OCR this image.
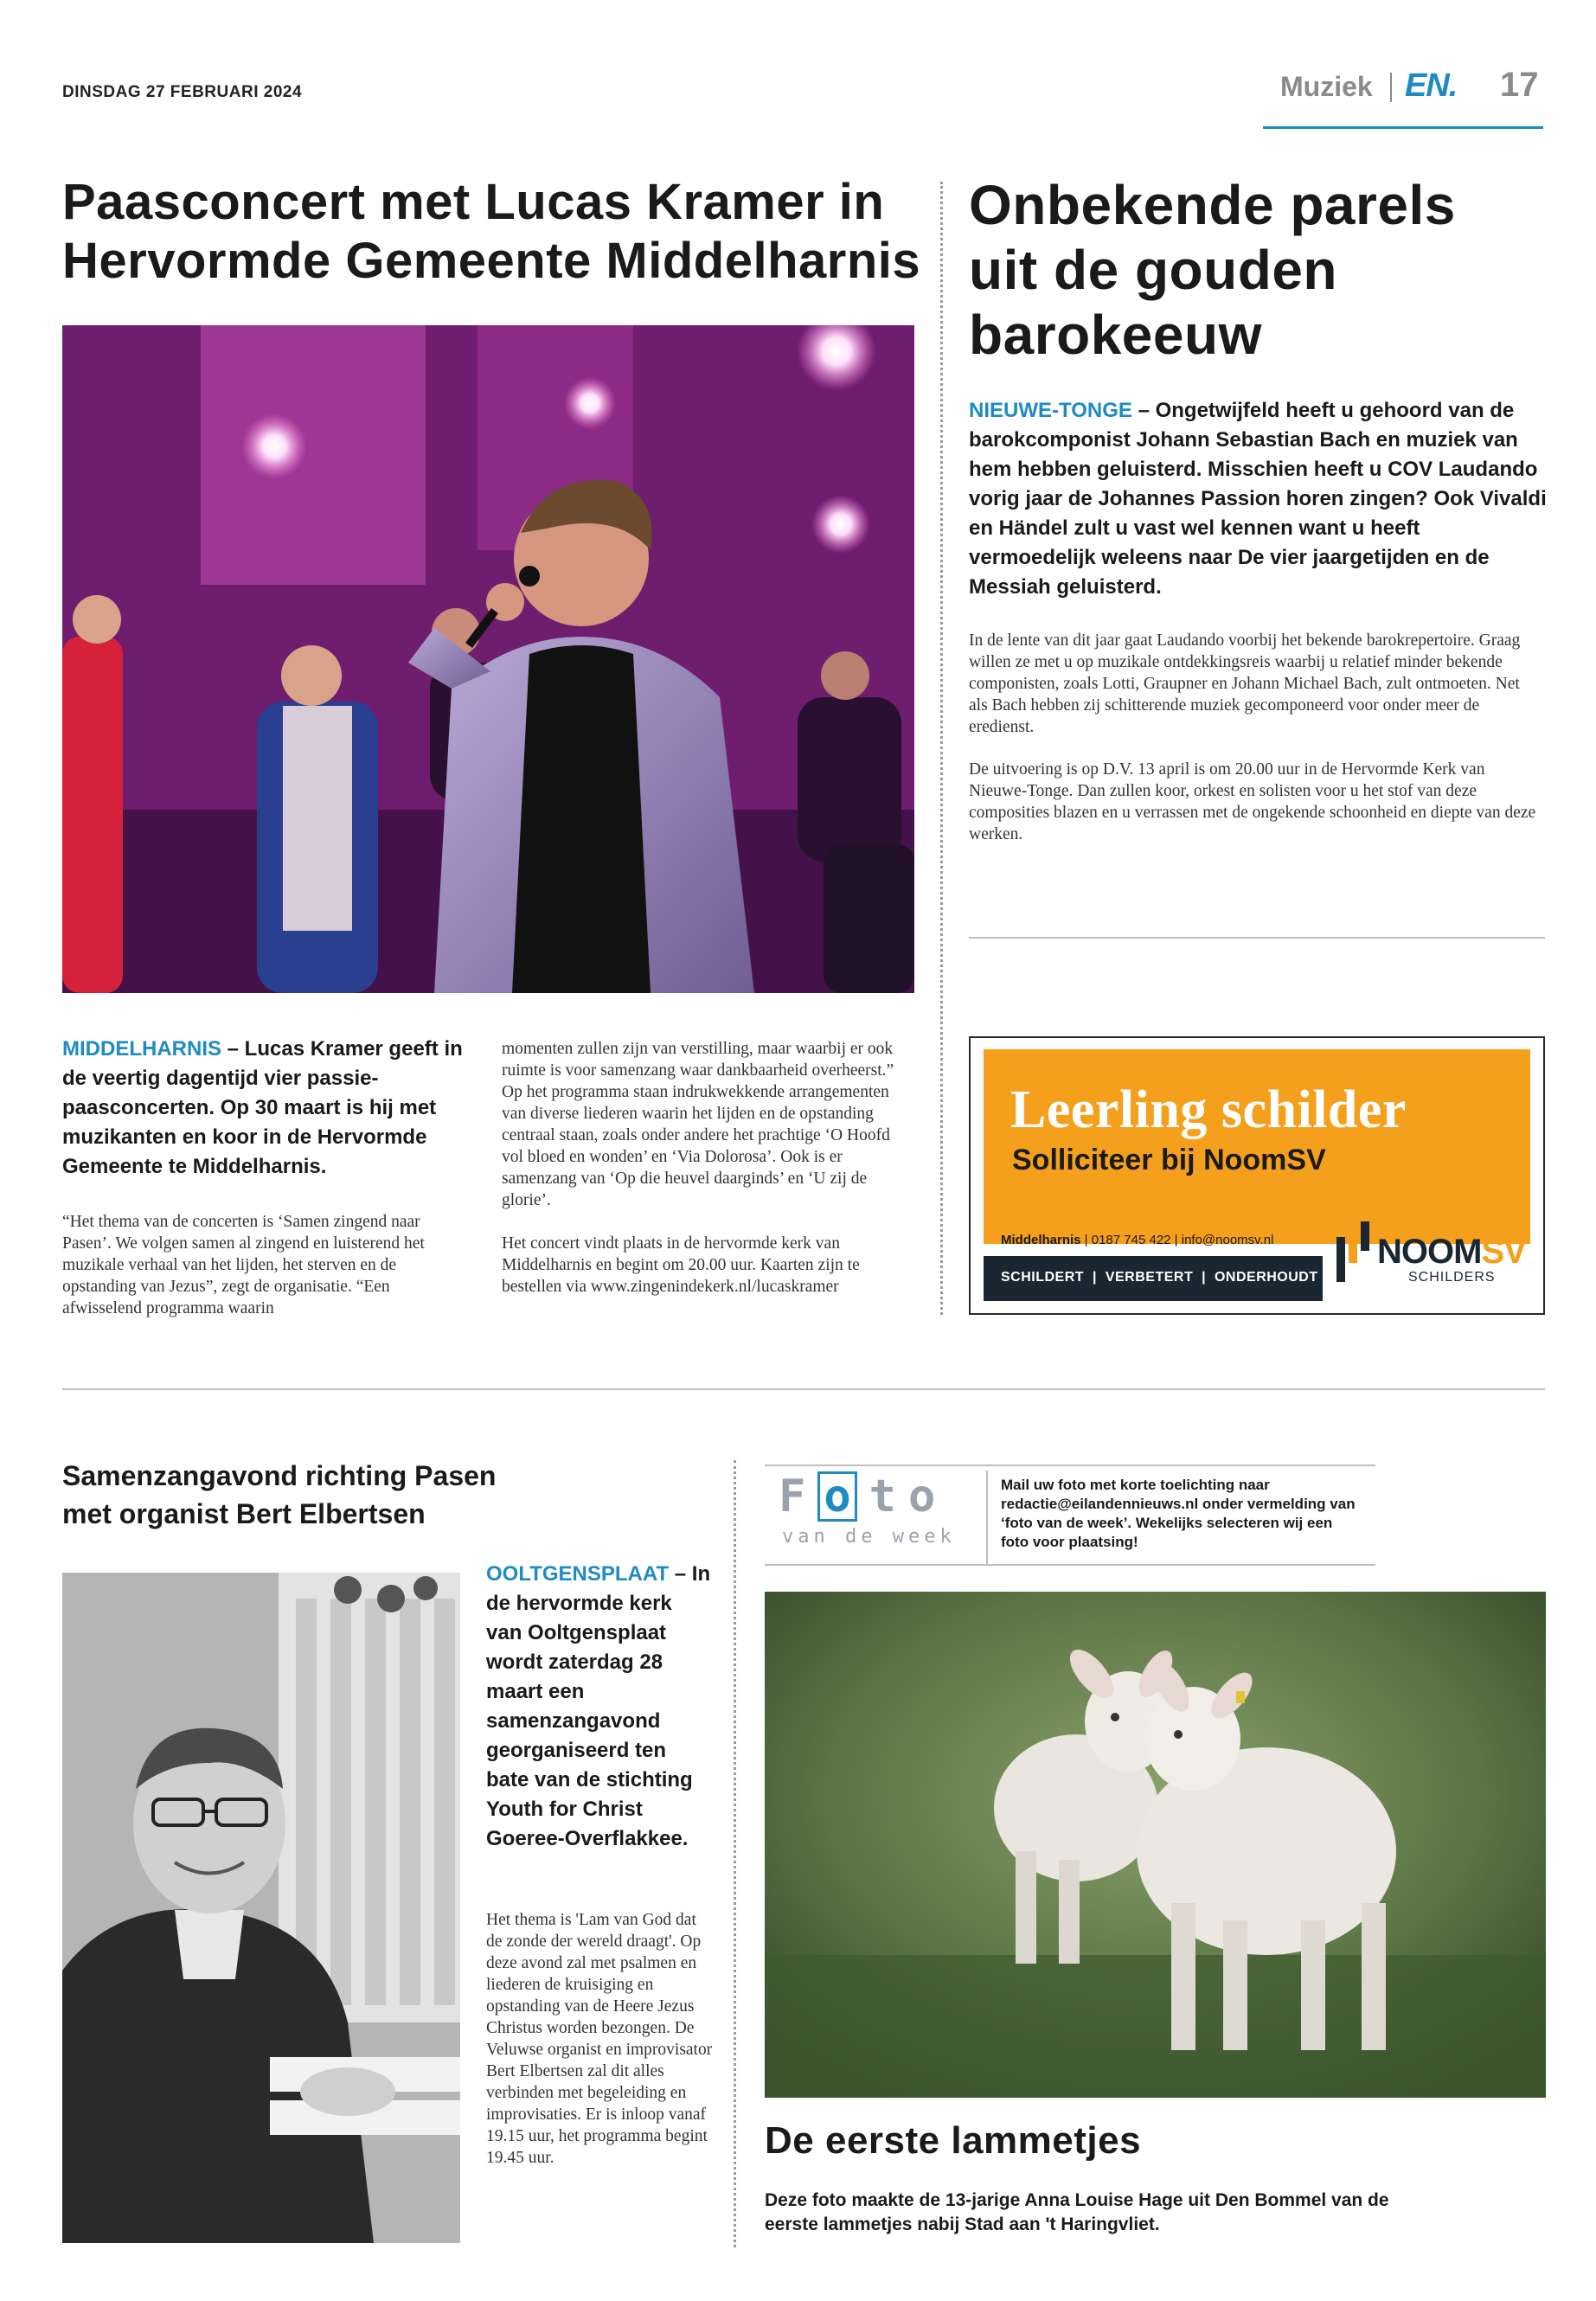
DINSDAG 27 FEBRUARI 2024	Muziek EN. 17
Paasconcert met Lucas Kramer in
Hervormde Gemeente Middelharnis
MIDDELHARNIS – Lucas Kramer geeft in de veertig dagentijd vier passie-paasconcerten. Op 30 maart is hij met muzikanten en koor in de Hervormde Gemeente te Middelharnis.
“Het thema van de concerten is ‘Samen zingend naar Pasen’. We volgen samen al zingend en luisterend het muzikale verhaal van het lijden, het sterven en de opstanding van Jezus”, zegt de organisatie. “Een afwisselend programma waarin
momenten zullen zijn van verstilling, maar waarbij er ook ruimte is voor samenzang waar dankbaarheid overheerst.” Op het programma staan indrukwekkende arrangementen van diverse liederen waarin het lijden en de opstanding centraal staan, zoals onder andere het prachtige ‘O Hoofd vol bloed en wonden’ en ‘Via Dolorosa’. Ook is er samenzang van ‘Op die heuvel daarginds’ en ‘U zij de glorie’.
Het concert vindt plaats in de hervormde kerk van Middelharnis en begint om 20.00 uur. Kaarten zijn te bestellen via www.zingenindekerk.nl/lucaskramer
Onbekende parels
uit de gouden
barokeeuw
NIEUWE-TONGE – Ongetwijfeld heeft u gehoord van de barokcomponist Johann Sebastian Bach en muziek van hem hebben geluisterd. Misschien heeft u COV Laudando vorig jaar de Johannes Passion horen zingen? Ook Vivaldi en Händel zult u vast wel kennen want u heeft vermoedelijk weleens naar De vier jaargetijden en de Messiah geluisterd.
In de lente van dit jaar gaat Laudando voorbij het bekende barokrepertoire. Graag willen ze met u op muzikale ontdekkingsreis waarbij u relatief minder bekende componisten, zoals Lotti, Graupner en Johann Michael Bach, zult ontmoeten. Net als Bach hebben zij schitterende muziek gecomponeerd voor onder meer de eredienst.
De uitvoering is op D.V. 13 april is om 20.00 uur in de Hervormde Kerk van Nieuwe-Tonge. Dan zullen koor, orkest en solisten voor u het stof van deze composities blazen en u verrassen met de ongekende schoonheid en diepte van deze werken.
Leerling schilder
Solliciteer bij NoomSV
Middelharnis | 0187 745 422 | info@noomsv.nl
SCHILDERT  |  VERBETERT  |  ONDERHOUDT
NOOMSV
SCHILDERS
Samenzangavond richting Pasen
met organist Bert Elbertsen
OOLTGENSPLAAT – In de hervormde kerk van Ooltgensplaat wordt zaterdag 28 maart een samenzangavond georganiseerd ten bate van de stichting Youth for Christ Goeree-Overflakkee.
Het thema is 'Lam van God dat de zonde der wereld draagt'. Op deze avond zal met psalmen en liederen de kruisiging en opstanding van de Heere Jezus Christus worden bezongen. De Veluwse organist en improvisator Bert Elbertsen zal dit alles verbinden met begeleiding en improvisaties. Er is inloop vanaf 19.15 uur, het programma begint 19.45 uur.
F o to
van de week
Mail uw foto met korte toelichting naar redactie@eilandennieuws.nl onder vermelding van ‘foto van de week’. Wekelijks selecteren wij een foto voor plaatsing!
De eerste lammetjes
Deze foto maakte de 13-jarige Anna Louise Hage uit Den Bommel van de eerste lammetjes nabij Stad aan 't Haringvliet.
